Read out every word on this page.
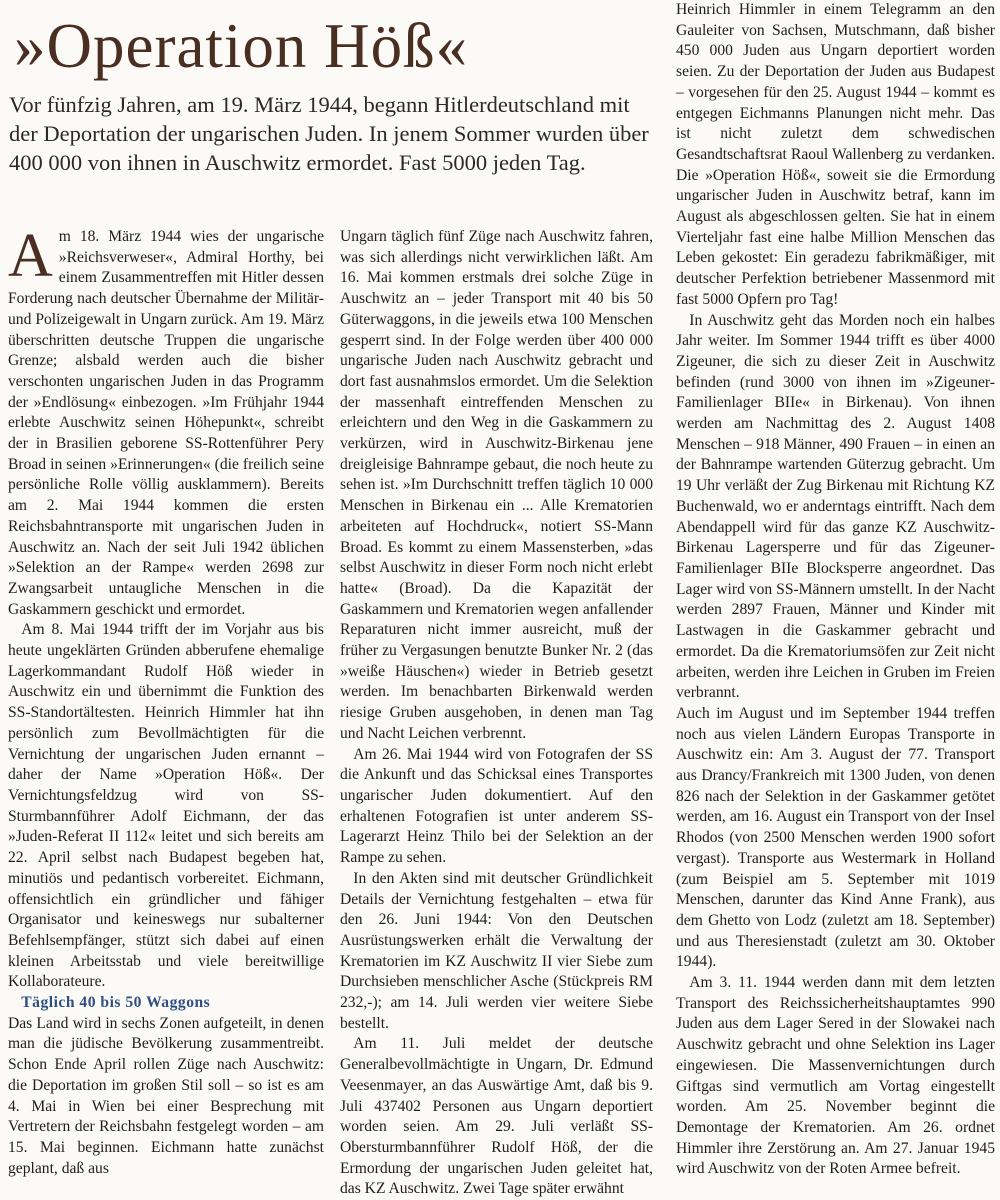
»Operation Höß«

Vor fünfzig Jahren, am 19. März 1944, begann Hitlerdeutschland mit der Deportation der ungarischen Juden. In jenem Sommer wurden über 400 000 von ihnen in Auschwitz ermordet. Fast 5000 jeden Tag.

Am 18. März 1944 wies der ungarische »Reichsverweser«, Admiral Horthy, bei einem Zusammentreffen mit Hitler dessen Forderung nach deutscher Übernahme der Militär- und Polizeigewalt in Ungarn zurück. Am 19. März überschritten deutsche Truppen die ungarische Grenze; alsbald werden auch die bisher verschonten ungarischen Juden in das Programm der »Endlösung« einbezogen. »Im Frühjahr 1944 erlebte Auschwitz seinen Höhepunkt«, schreibt der in Brasilien geborene SS-Rottenführer Pery Broad in seinen »Erinnerungen« (die freilich seine persönliche Rolle völlig ausklammern). Bereits am 2. Mai 1944 kommen die ersten Reichsbahntransporte mit ungarischen Juden in Auschwitz an. Nach der seit Juli 1942 üblichen »Selektion an der Rampe« werden 2698 zur Zwangsarbeit untaugliche Menschen in die Gaskammern geschickt und ermordet.

Am 8. Mai 1944 trifft der im Vorjahr aus bis heute ungeklärten Gründen abberufene ehemalige Lagerkommandant Rudolf Höß wieder in Auschwitz ein und übernimmt die Funktion des SS-Standortältesten. Heinrich Himmler hat ihn persönlich zum Bevollmächtigten für die Vernichtung der ungarischen Juden ernannt – daher der Name »Operation Höß«. Der Vernichtungsfeldzug wird von SS-Sturmbannführer Adolf Eichmann, der das »Juden-Referat II 112« leitet und sich bereits am 22. April selbst nach Budapest begeben hat, minutiös und pedantisch vorbereitet. Eichmann, offensichtlich ein gründlicher und fähiger Organisator und keineswegs nur subalterner Befehlsempfänger, stützt sich dabei auf einen kleinen Arbeitsstab und viele bereitwillige Kollaborateure.

Täglich 40 bis 50 Waggons

Das Land wird in sechs Zonen aufgeteilt, in denen man die jüdische Bevölkerung zusammentreibt. Schon Ende April rollen Züge nach Auschwitz: die Deportation im großen Stil soll – so ist es am 4. Mai in Wien bei einer Besprechung mit Vertretern der Reichsbahn festgelegt worden – am 15. Mai beginnen. Eichmann hatte zunächst geplant, daß aus

Ungarn täglich fünf Züge nach Auschwitz fahren, was sich allerdings nicht verwirklichen läßt. Am 16. Mai kommen erstmals drei solche Züge in Auschwitz an – jeder Transport mit 40 bis 50 Güterwaggons, in die jeweils etwa 100 Menschen gesperrt sind. In der Folge werden über 400 000 ungarische Juden nach Auschwitz gebracht und dort fast ausnahmslos ermordet. Um die Selektion der massenhaft eintreffenden Menschen zu erleichtern und den Weg in die Gaskammern zu verkürzen, wird in Auschwitz-Birkenau jene dreigleisige Bahnrampe gebaut, die noch heute zu sehen ist. »Im Durchschnitt treffen täglich 10 000 Menschen in Birkenau ein ... Alle Krematorien arbeiteten auf Hochdruck«, notiert SS-Mann Broad. Es kommt zu einem Massensterben, »das selbst Auschwitz in dieser Form noch nicht erlebt hatte« (Broad). Da die Kapazität der Gaskammern und Krematorien wegen anfallender Reparaturen nicht immer ausreicht, muß der früher zu Vergasungen benutzte Bunker Nr. 2 (das »weiße Häuschen«) wieder in Betrieb gesetzt werden. Im benachbarten Birkenwald werden riesige Gruben ausgehoben, in denen man Tag und Nacht Leichen verbrennt.

Am 26. Mai 1944 wird von Fotografen der SS die Ankunft und das Schicksal eines Transportes ungarischer Juden dokumentiert. Auf den erhaltenen Fotografien ist unter anderem SS-Lagerarzt Heinz Thilo bei der Selektion an der Rampe zu sehen.

In den Akten sind mit deutscher Gründlichkeit Details der Vernichtung festgehalten – etwa für den 26. Juni 1944: Von den Deutschen Ausrüstungswerken erhält die Verwaltung der Krematorien im KZ Auschwitz II vier Siebe zum Durchsieben menschlicher Asche (Stückpreis RM 232,-); am 14. Juli werden vier weitere Siebe bestellt.

Am 11. Juli meldet der deutsche Generalbevollmächtigte in Ungarn, Dr. Edmund Veesenmayer, an das Auswärtige Amt, daß bis 9. Juli 437402 Personen aus Ungarn deportiert worden seien. Am 29. Juli verläßt SS-Obersturmbannführer Rudolf Höß, der die Ermordung der ungarischen Juden geleitet hat, das KZ Auschwitz. Zwei Tage später erwähnt

Heinrich Himmler in einem Telegramm an den Gauleiter von Sachsen, Mutschmann, daß bisher 450 000 Juden aus Ungarn deportiert worden seien. Zu der Deportation der Juden aus Budapest – vorgesehen für den 25. August 1944 – kommt es entgegen Eichmanns Planungen nicht mehr. Das ist nicht zuletzt dem schwedischen Gesandtschaftsrat Raoul Wallenberg zu verdanken. Die »Operation Höß«, soweit sie die Ermordung ungarischer Juden in Auschwitz betraf, kann im August als abgeschlossen gelten. Sie hat in einem Vierteljahr fast eine halbe Million Menschen das Leben gekostet: Ein geradezu fabrikmäßiger, mit deutscher Perfektion betriebener Massenmord mit fast 5000 Opfern pro Tag!

In Auschwitz geht das Morden noch ein halbes Jahr weiter. Im Sommer 1944 trifft es über 4000 Zigeuner, die sich zu dieser Zeit in Auschwitz befinden (rund 3000 von ihnen im »Zigeuner-Familienlager BIIe« in Birkenau). Von ihnen werden am Nachmittag des 2. August 1408 Menschen – 918 Männer, 490 Frauen – in einen an der Bahnrampe wartenden Güterzug gebracht. Um 19 Uhr verläßt der Zug Birkenau mit Richtung KZ Buchenwald, wo er anderntags eintrifft. Nach dem Abendappell wird für das ganze KZ Auschwitz-Birkenau Lagersperre und für das Zigeuner-Familienlager BIIe Blocksperre angeordnet. Das Lager wird von SS-Männern umstellt. In der Nacht werden 2897 Frauen, Männer und Kinder mit Lastwagen in die Gaskammer gebracht und ermordet. Da die Krematoriumsöfen zur Zeit nicht arbeiten, werden ihre Leichen in Gruben im Freien verbrannt.

Auch im August und im September 1944 treffen noch aus vielen Ländern Europas Transporte in Auschwitz ein: Am 3. August der 77. Transport aus Drancy/Frankreich mit 1300 Juden, von denen 826 nach der Selektion in der Gaskammer getötet werden, am 16. August ein Transport von der Insel Rhodos (von 2500 Menschen werden 1900 sofort vergast). Transporte aus Westermark in Holland (zum Beispiel am 5. September mit 1019 Menschen, darunter das Kind Anne Frank), aus dem Ghetto von Lodz (zuletzt am 18. September) und aus Theresienstadt (zuletzt am 30. Oktober 1944).

Am 3. 11. 1944 werden dann mit dem letzten Transport des Reichssicherheitshauptamtes 990 Juden aus dem Lager Sered in der Slowakei nach Auschwitz gebracht und ohne Selektion ins Lager eingewiesen. Die Massenvernichtungen durch Giftgas sind vermutlich am Vortag eingestellt worden. Am 25. November beginnt die Demontage der Krematorien. Am 26. ordnet Himmler ihre Zerstörung an. Am 27. Januar 1945 wird Auschwitz von der Roten Armee befreit.
